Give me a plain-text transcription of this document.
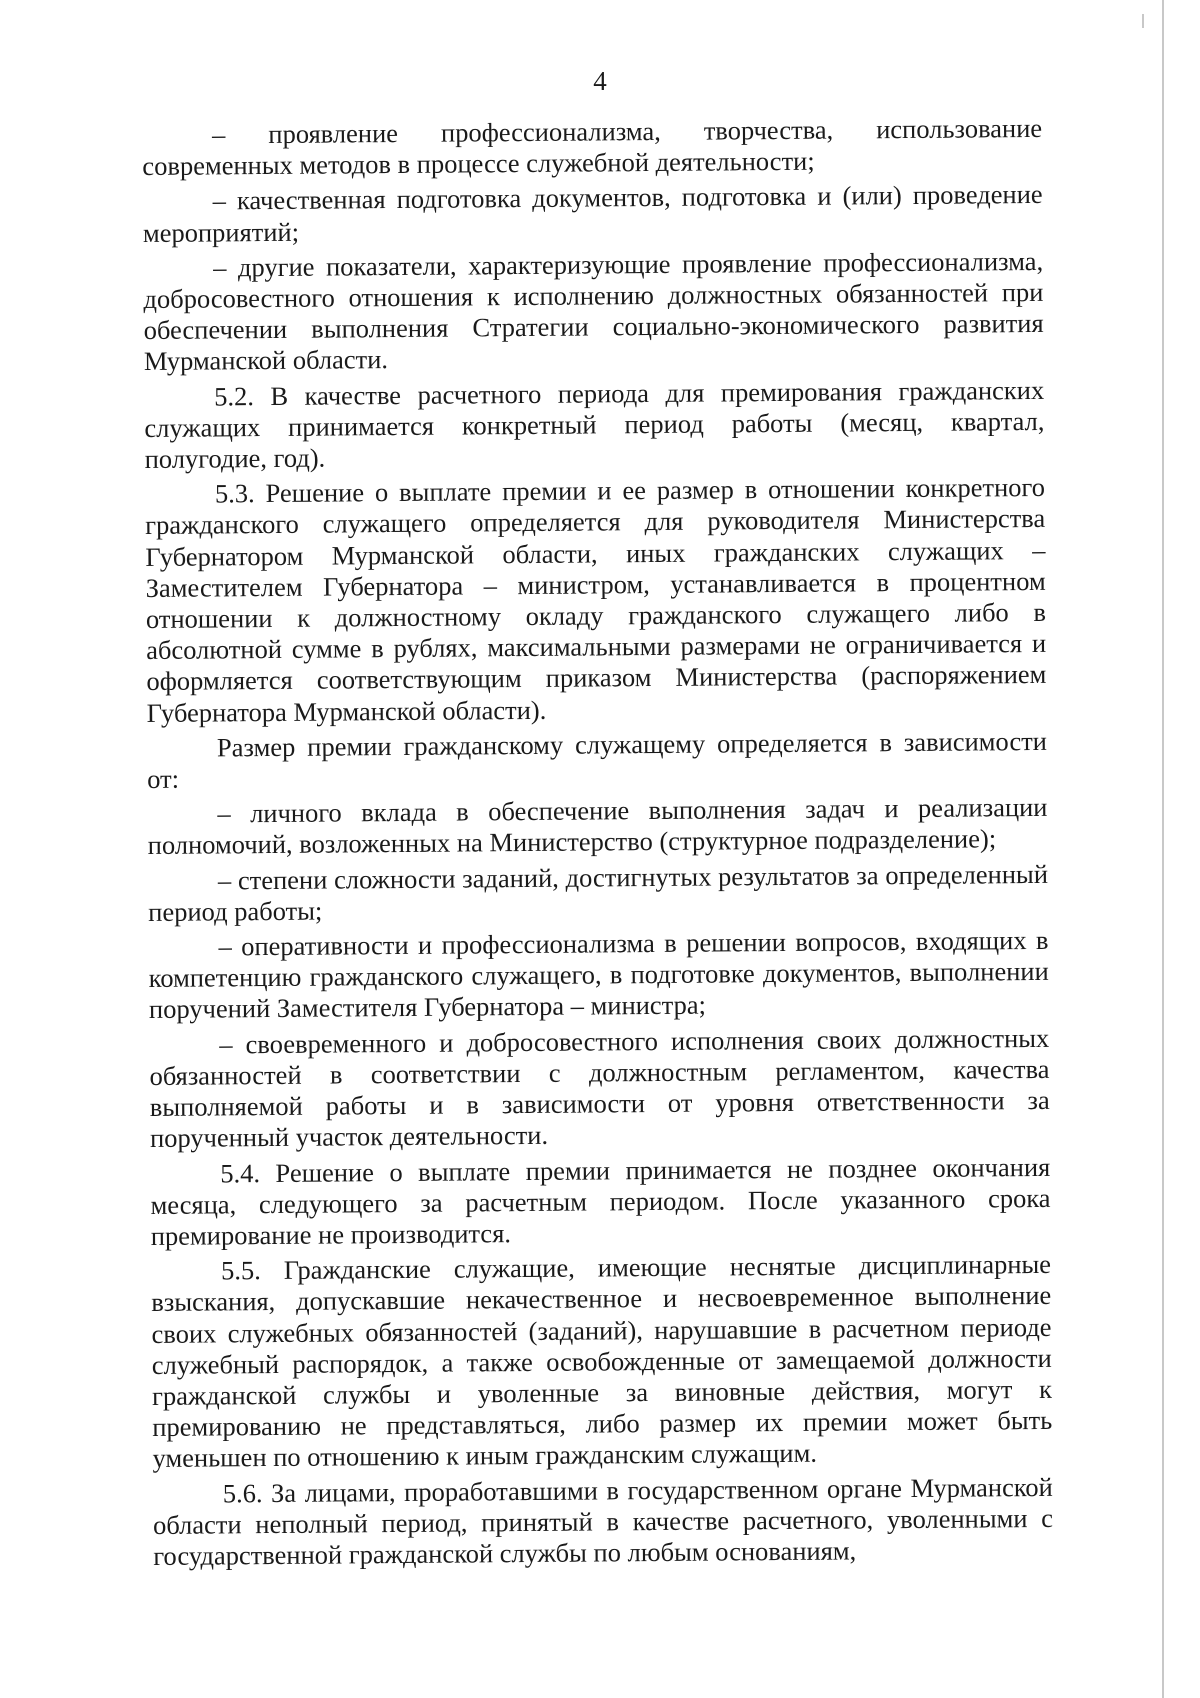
4

– проявление профессионализма, творчества, использование современных методов в процессе служебной деятельности;

– качественная подготовка документов, подготовка и (или) проведение мероприятий;

– другие показатели, характеризующие проявление профессионализма, добросовестного отношения к исполнению должностных обязанностей при обеспечении выполнения Стратегии социально-экономического развития Мурманской области.

5.2. В качестве расчетного периода для премирования гражданских служащих принимается конкретный период работы (месяц, квартал, полугодие, год).

5.3. Решение о выплате премии и ее размер в отношении конкретного гражданского служащего определяется для руководителя Министерства Губернатором Мурманской области, иных гражданских служащих – Заместителем Губернатора – министром, устанавливается в процентном отношении к должностному окладу гражданского служащего либо в абсолютной сумме в рублях, максимальными размерами не ограничивается и оформляется соответствующим приказом Министерства (распоряжением Губернатора Мурманской области).

Размер премии гражданскому служащему определяется в зависимости от:

– личного вклада в обеспечение выполнения задач и реализации полномочий, возложенных на Министерство (структурное подразделение);

– степени сложности заданий, достигнутых результатов за определенный период работы;

– оперативности и профессионализма в решении вопросов, входящих в компетенцию гражданского служащего, в подготовке документов, выполнении поручений Заместителя Губернатора – министра;

– своевременного и добросовестного исполнения своих должностных обязанностей в соответствии с должностным регламентом, качества выполняемой работы и в зависимости от уровня ответственности за порученный участок деятельности.

5.4. Решение о выплате премии принимается не позднее окончания месяца, следующего за расчетным периодом. После указанного срока премирование не производится.

5.5. Гражданские служащие, имеющие неснятые дисциплинарные взыскания, допускавшие некачественное и несвоевременное выполнение своих служебных обязанностей (заданий), нарушавшие в расчетном периоде служебный распорядок, а также освобожденные от замещаемой должности гражданской службы и уволенные за виновные действия, могут к премированию не представляться, либо размер их премии может быть уменьшен по отношению к иным гражданским служащим.

5.6. За лицами, проработавшими в государственном органе Мурманской области неполный период, принятый в качестве расчетного, уволенными с государственной гражданской службы по любым основаниям,
